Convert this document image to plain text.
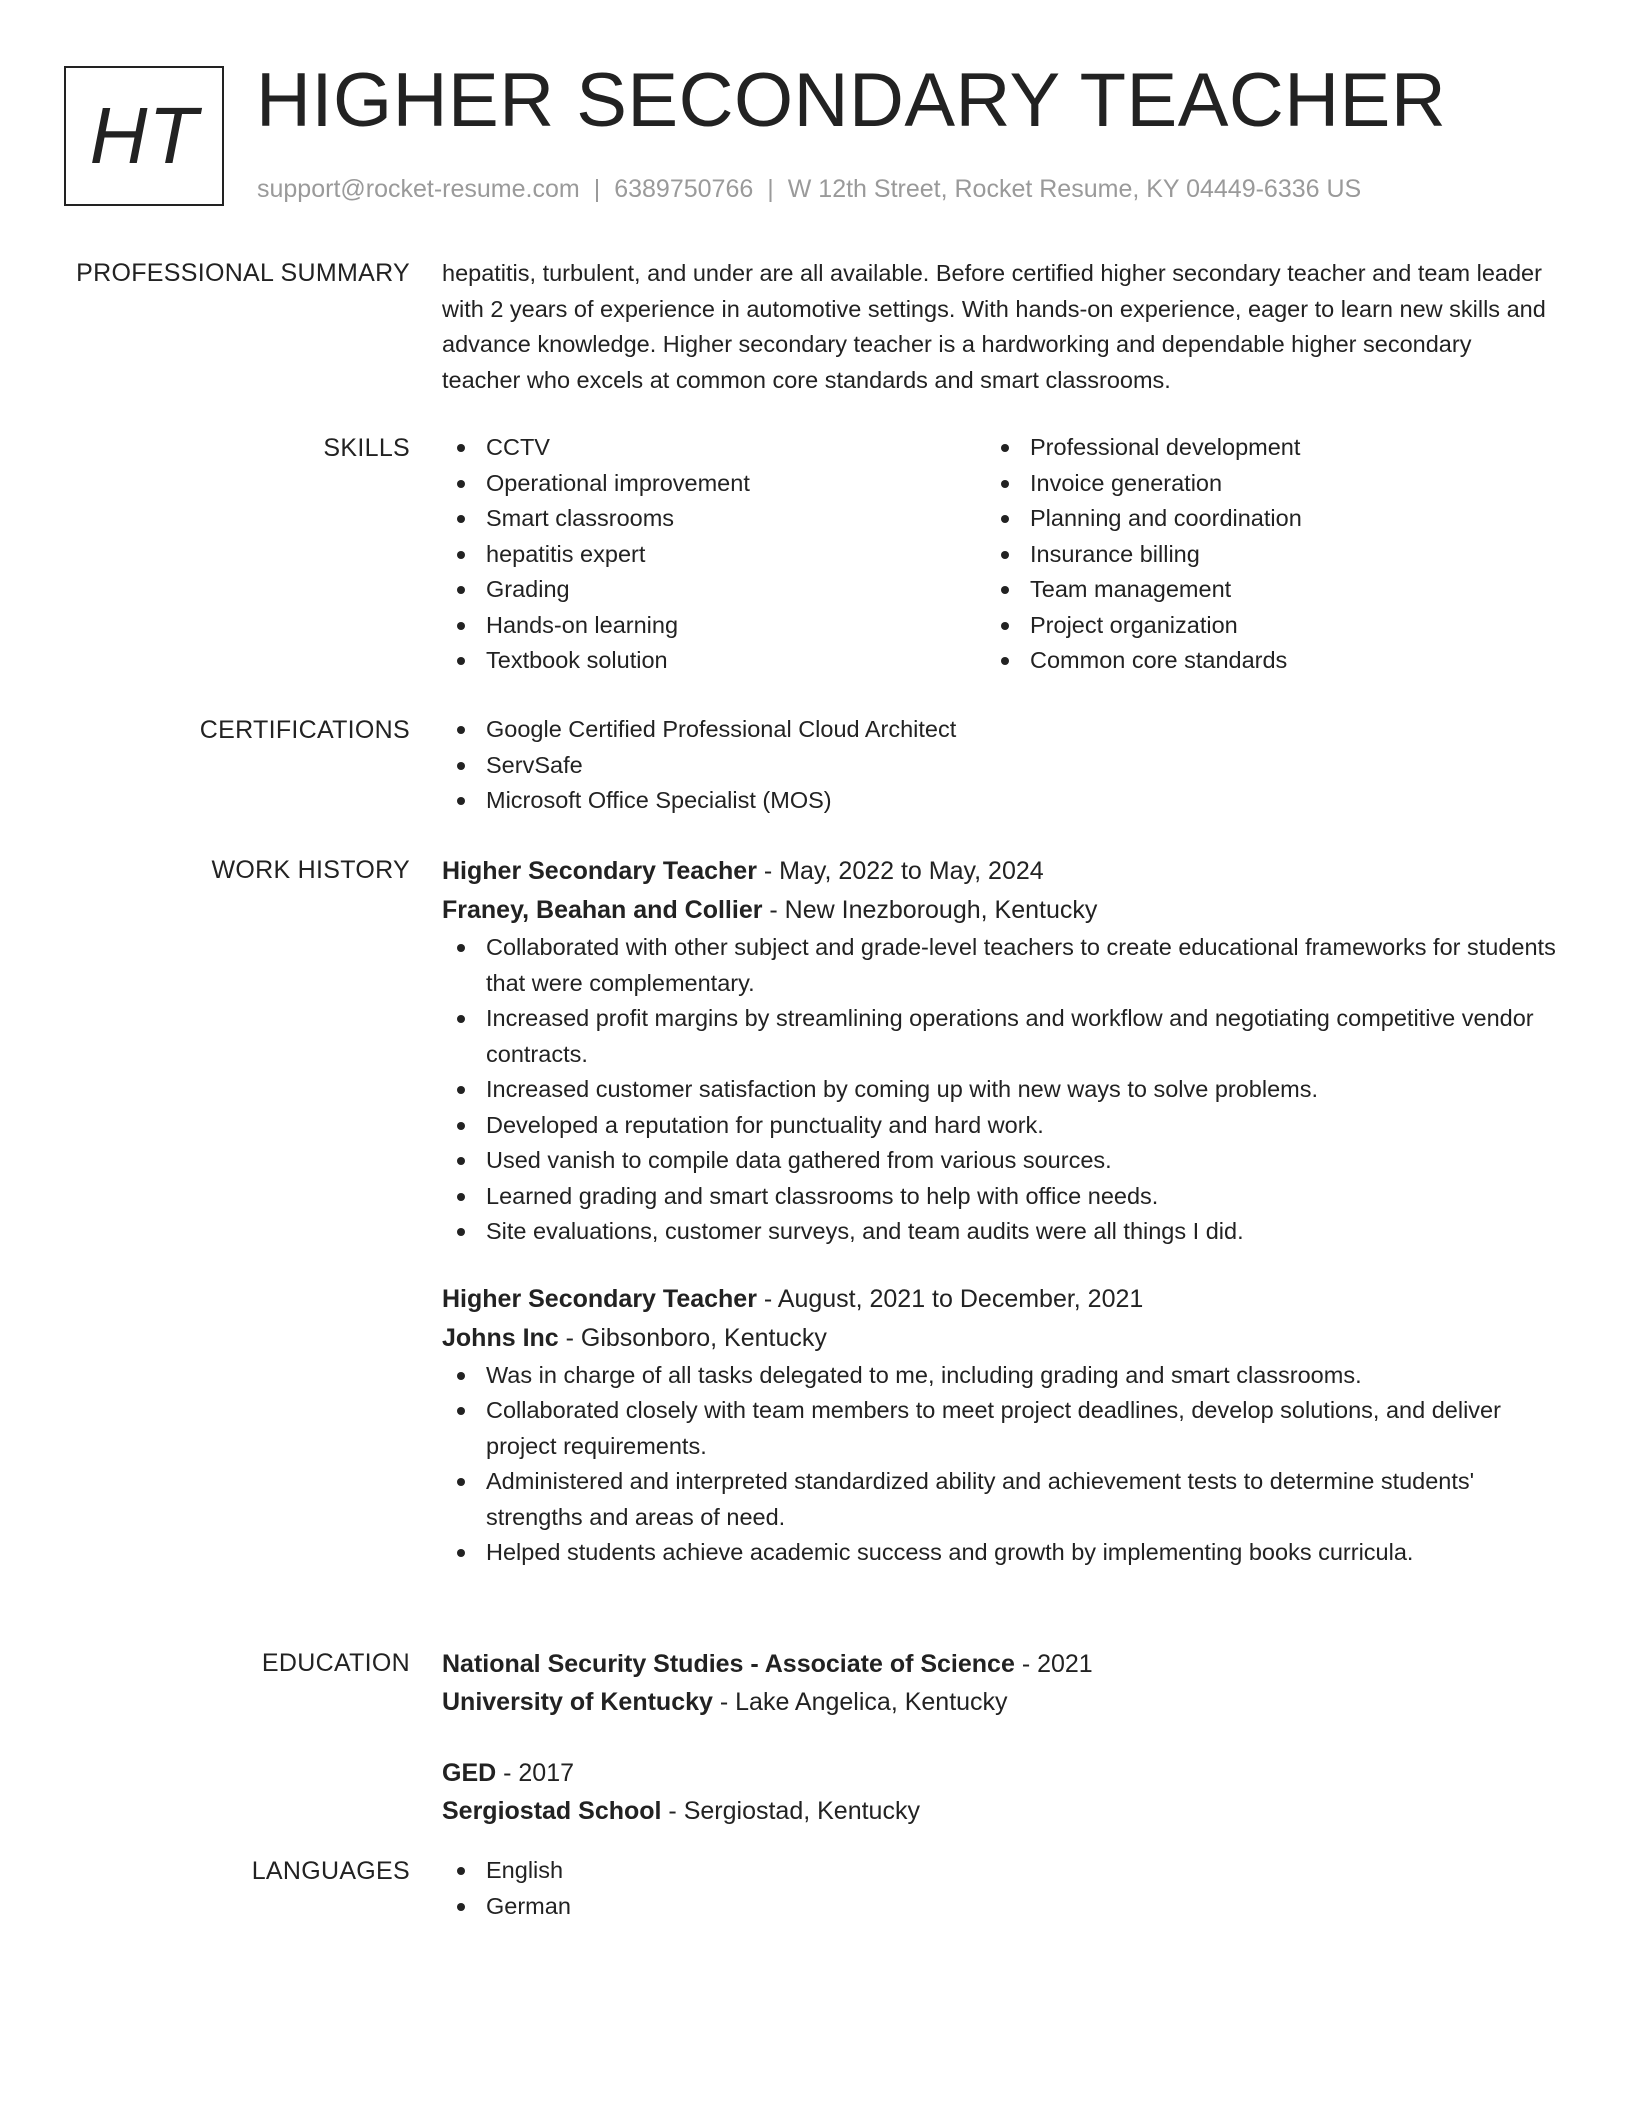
HT HIGHER SECONDARY TEACHER
support@rocket-resume.com | 6389750766 | W 12th Street, Rocket Resume, KY 04449-6336 US
PROFESSIONAL SUMMARY hepatitis, turbulent, and under are all available. Before certified higher secondary teacher and team leader with 2 years of experience in automotive settings. With hands-on experience, eager to learn new skills and advance knowledge. Higher secondary teacher is a hardworking and dependable higher secondary teacher who excels at common core standards and smart classrooms.

SKILLS	CCTV
Operational improvement
Smart classrooms
hepatitis expert
Grading
Hands-on learning
Textbook solution
Professional development
Invoice generation
Planning and coordination
Insurance billing
Team management
Project organization
Common core standards
CERTIFICATIONS	Google Certified Professional Cloud Architect
ServSafe
Microsoft Office Specialist (MOS)
WORK HISTORY Higher Secondary Teacher - May, 2022 to May, 2024
Franey, Beahan and Collier - New Inezborough, Kentucky
Collaborated with other subject and grade-level teachers to create educational frameworks for students that were complementary.
Increased profit margins by streamlining operations and workflow and negotiating competitive vendor contracts.
Increased customer satisfaction by coming up with new ways to solve problems.
Developed a reputation for punctuality and hard work.
Used vanish to compile data gathered from various sources.
Learned grading and smart classrooms to help with office needs.
Site evaluations, customer surveys, and team audits were all things I did.
Higher Secondary Teacher - August, 2021 to December, 2021
Johns Inc - Gibsonboro, Kentucky
Was in charge of all tasks delegated to me, including grading and smart classrooms.
Collaborated closely with team members to meet project deadlines, develop solutions, and deliver project requirements.
Administered and interpreted standardized ability and achievement tests to determine students' strengths and areas of need.
Helped students achieve academic success and growth by implementing books curricula.
EDUCATION National Security Studies - Associate of Science - 2021
University of Kentucky - Lake Angelica, Kentucky
GED - 2017
Sergiostad School - Sergiostad, Kentucky
LANGUAGES	English
German
